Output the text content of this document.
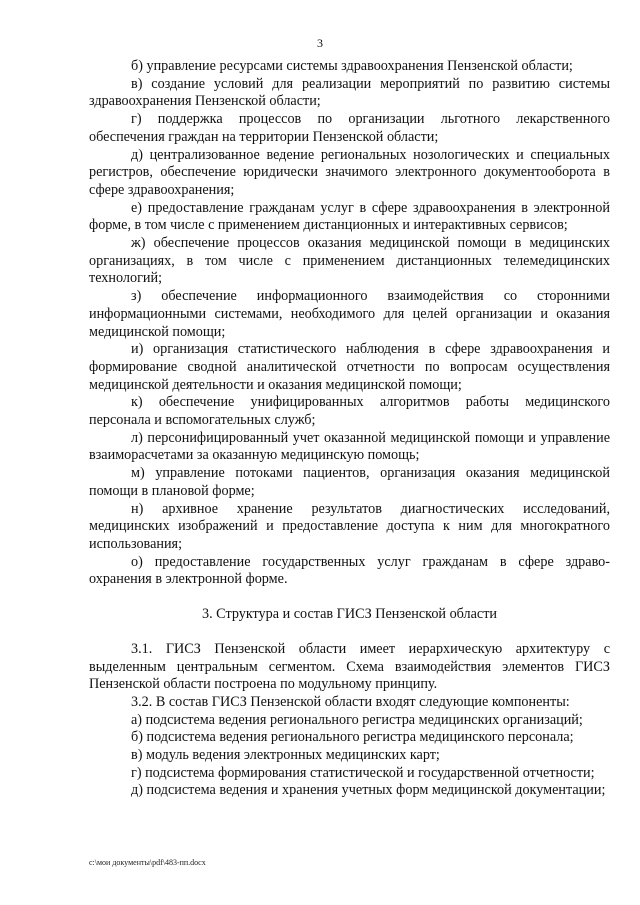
3

б) управление ресурсами системы здравоохранения Пензенской области;

в) создание условий для реализации мероприятий по развитию системы здравоохранения Пензенской области;

г) поддержка процессов по организации льготного лекарственного обеспечения граждан на территории Пензенской области;

д) централизованное ведение региональных нозологических и специальных регистров, обеспечение юридически значимого электронного документооборота в сфере здравоохранения;

е) предоставление гражданам услуг в сфере здравоохранения в электронной форме, в том числе с применением дистанционных и интерактивных сервисов;

ж) обеспечение процессов оказания медицинской помощи в медицинских организациях, в том числе с применением дистанционных телемедицинских технологий;

з) обеспечение информационного взаимодействия со сторонними информационными системами, необходимого для целей организации и оказания медицинской помощи;

и) организация статистического наблюдения в сфере здравоохранения и формирование сводной аналитической отчетности по вопросам осуществления медицинской деятельности и оказания медицинской помощи;

к) обеспечение унифицированных алгоритмов работы медицинского персонала и вспомогательных служб;

л) персонифицированный учет оказанной медицинской помощи и управление взаиморасчетами за оказанную медицинскую помощь;

м) управление потоками пациентов, организация оказания медицинской помощи в плановой форме;

н) архивное хранение результатов диагностических исследований, медицинских изображений и предоставление доступа к ним для многократного использования;

о) предоставление государственных услуг гражданам в сфере здраво-охранения в электронной форме.

3. Структура и состав ГИСЗ Пензенской области

3.1. ГИСЗ Пензенской области имеет иерархическую архитектуру с выделенным центральным сегментом. Схема взаимодействия элементов ГИСЗ Пензенской области построена по модульному принципу.

3.2. В состав ГИСЗ Пензенской области входят следующие компоненты:

а) подсистема ведения регионального регистра медицинских организаций;

б) подсистема ведения регионального регистра медицинского персонала;

в) модуль ведения электронных медицинских карт;

г) подсистема формирования статистической и государственной отчетности;

д) подсистема ведения и хранения учетных форм медицинской документации;

c:\мои документы\pdf\483-пп.docx
